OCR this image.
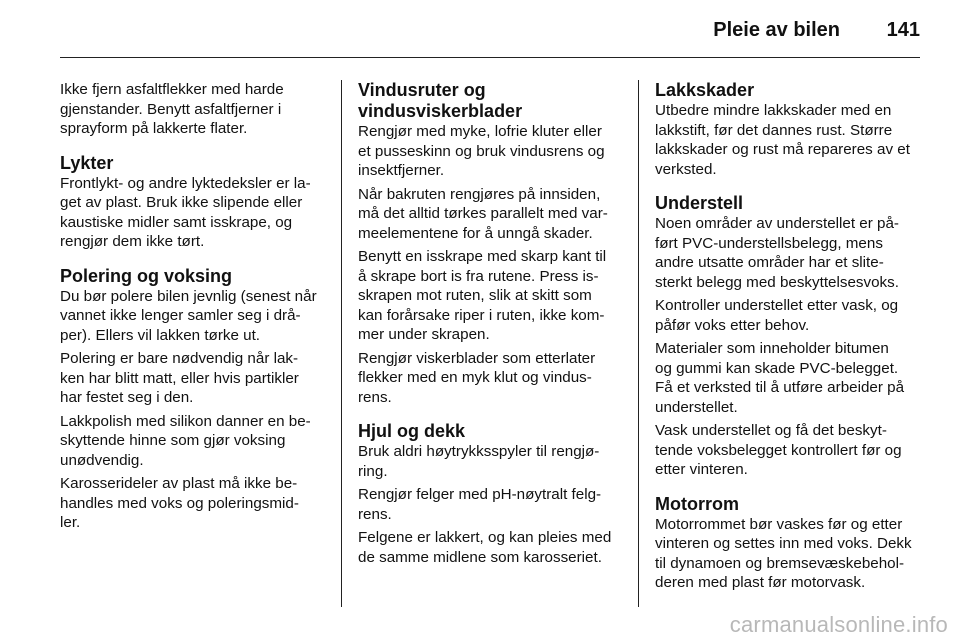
Pleie av bilen 141
Ikke fjern asfaltflekker med harde
gjenstander. Benytt asfaltfjerner i
sprayform på lakkerte flater.
Lykter
Frontlykt- og andre lyktedeksler er la-
get av plast. Bruk ikke slipende eller
kaustiske midler samt isskrape, og
rengjør dem ikke tørt.
Polering og voksing
Du bør polere bilen jevnlig (senest når
vannet ikke lenger samler seg i drå-
per). Ellers vil lakken tørke ut.
Polering er bare nødvendig når lak-
ken har blitt matt, eller hvis partikler
har festet seg i den.
Lakkpolish med silikon danner en be-
skyttende hinne som gjør voksing
unødvendig.
Karosserideler av plast må ikke be-
handles med voks og poleringsmid-
ler.
Vindusruter og
vindusviskerblader
Rengjør med myke, lofrie kluter eller
et pusseskinn og bruk vindusrens og
insektfjerner.
Når bakruten rengjøres på innsiden,
må det alltid tørkes parallelt med var-
meelementene for å unngå skader.
Benytt en isskrape med skarp kant til
å skrape bort is fra rutene. Press is-
skrapen mot ruten, slik at skitt som
kan forårsake riper i ruten, ikke kom-
mer under skrapen.
Rengjør viskerblader som etterlater
flekker med en myk klut og vindus-
rens.
Hjul og dekk
Bruk aldri høytrykksspyler til rengjø-
ring.
Rengjør felger med pH-nøytralt felg-
rens.
Felgene er lakkert, og kan pleies med
de samme midlene som karosseriet.
Lakkskader
Utbedre mindre lakkskader med en
lakkstift, før det dannes rust. Større
lakkskader og rust må repareres av et
verksted.
Understell
Noen områder av understellet er på-
ført PVC-understellsbelegg, mens
andre utsatte områder har et slite-
sterkt belegg med beskyttelsesvoks.
Kontroller understellet etter vask, og
påfør voks etter behov.
Materialer som inneholder bitumen
og gummi kan skade PVC-belegget.
Få et verksted til å utføre arbeider på
understellet.
Vask understellet og få det beskyt-
tende voksbelegget kontrollert før og
etter vinteren.
Motorrom
Motorrommet bør vaskes før og etter
vinteren og settes inn med voks. Dekk
til dynamoen og bremsevæskebehol-
deren med plast før motorvask.
carmanualsonline.info
